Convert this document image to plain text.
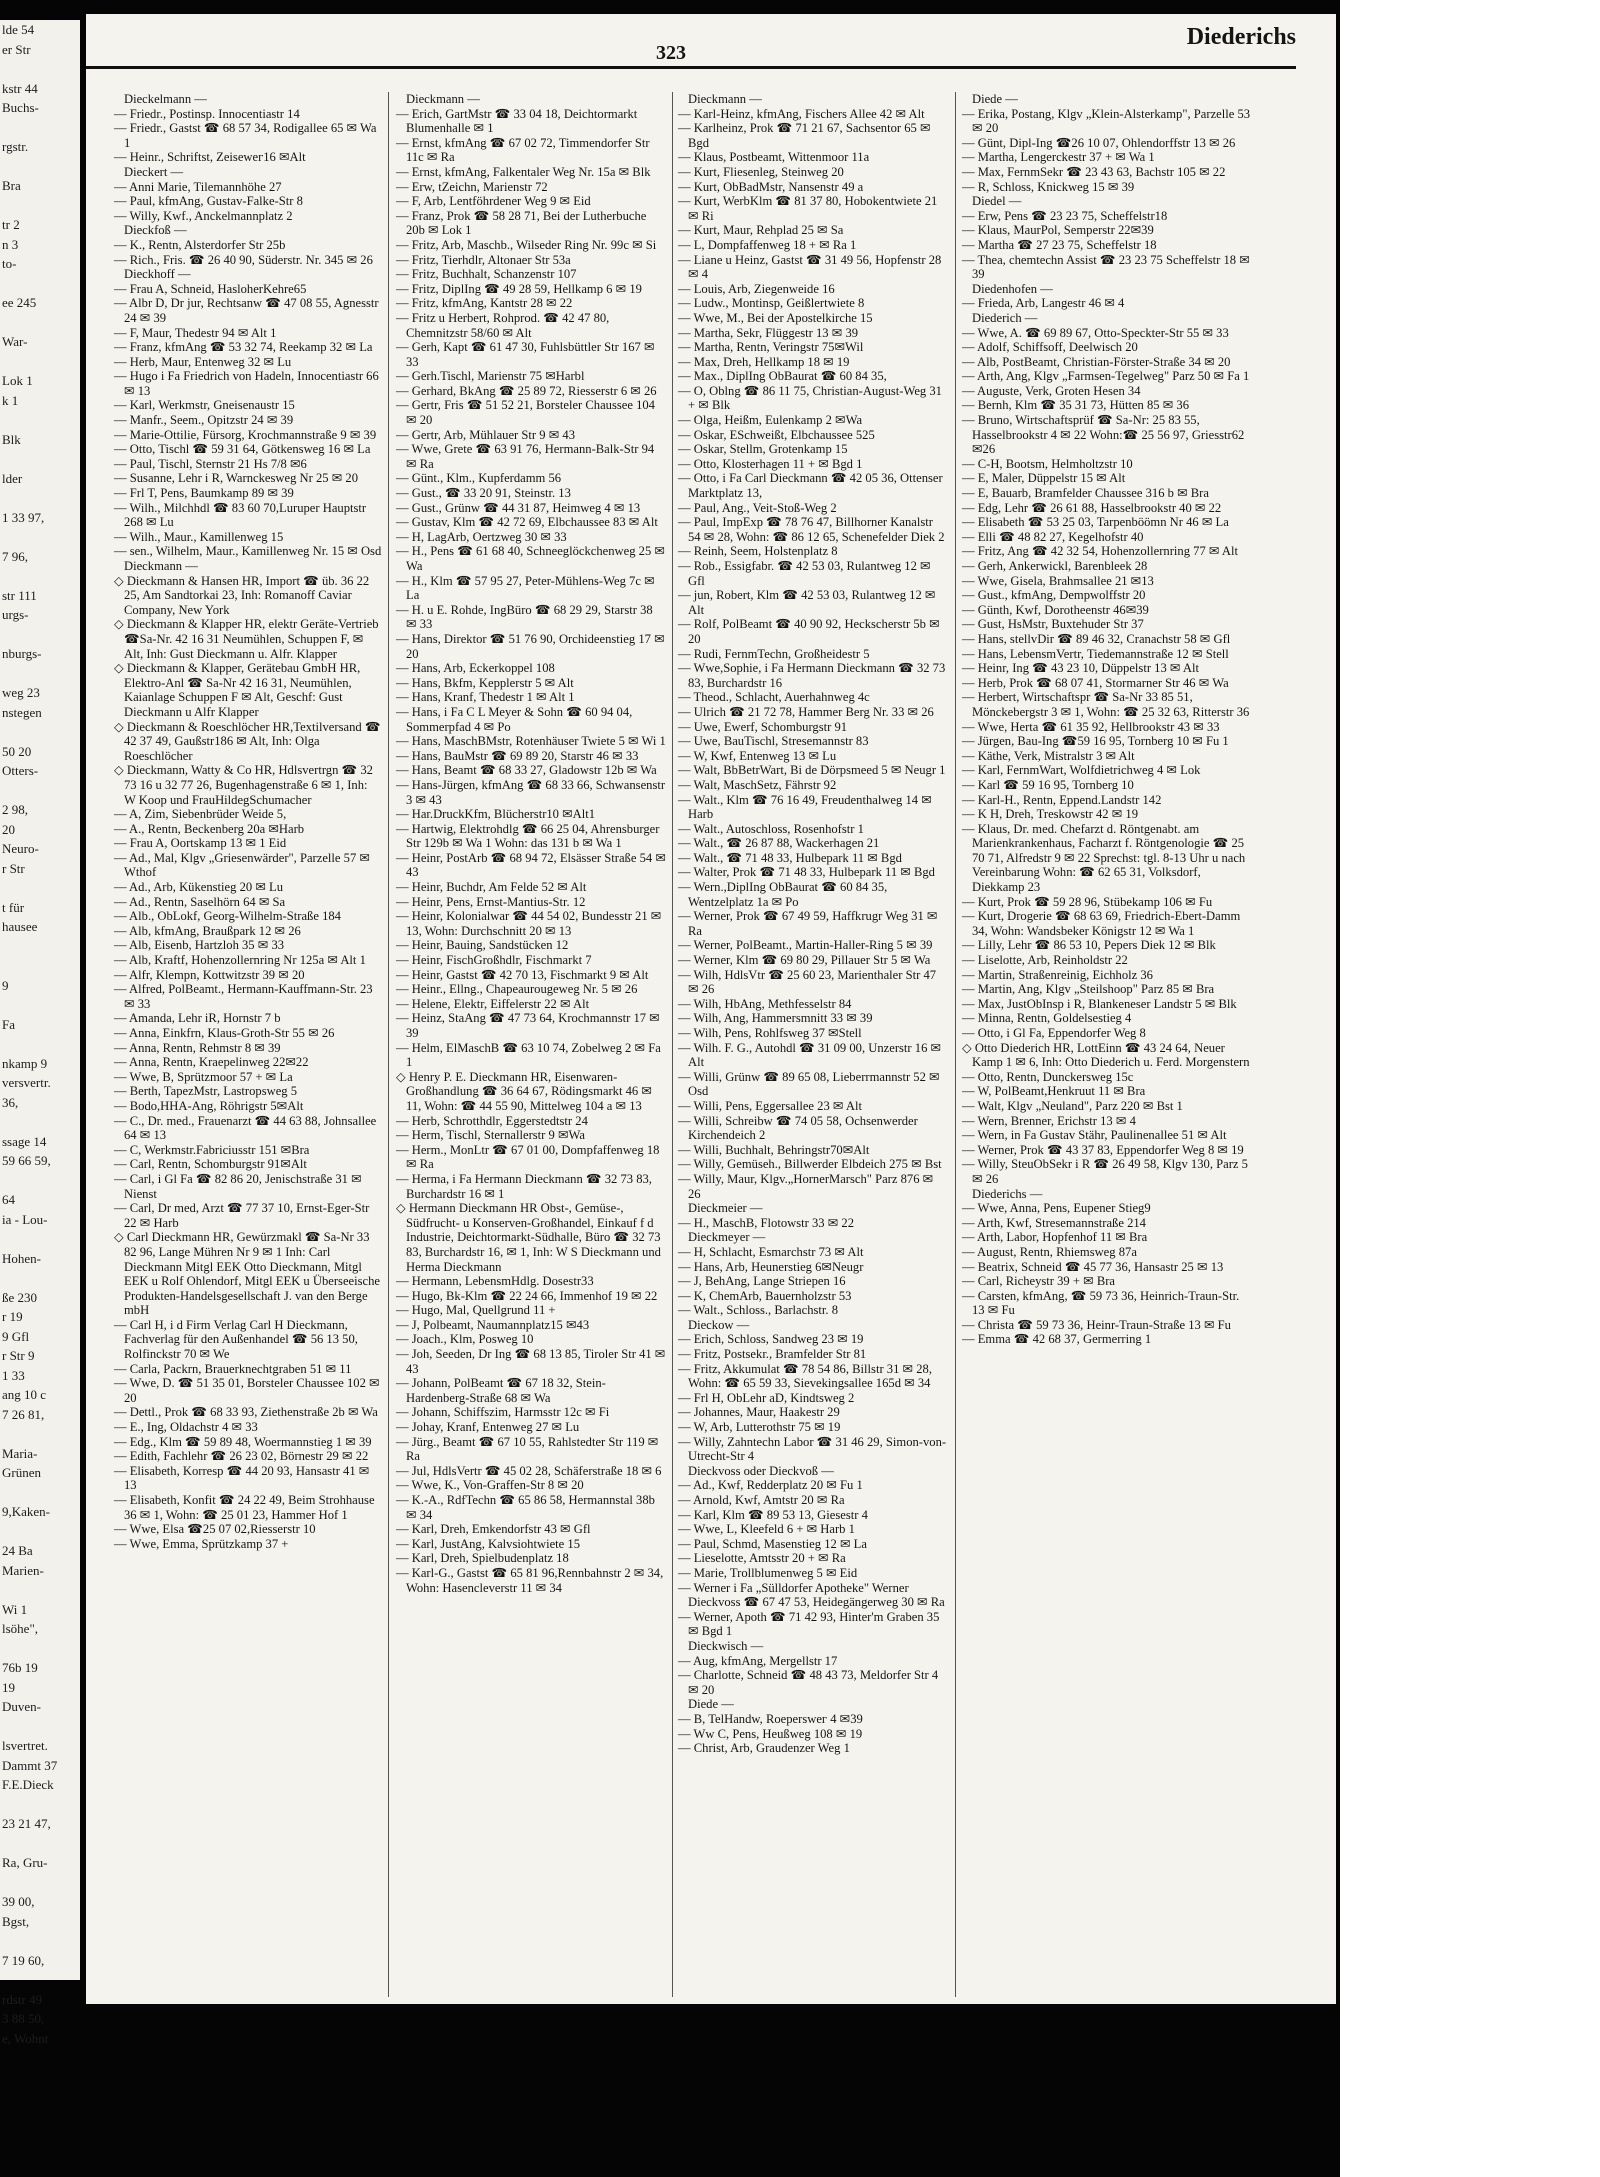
lde 54
er Str

kstr 44
Buchs-

rgstr.

Bra

tr 2
n 3
to-

ee 245

War-

Lok 1
k 1

Blk

lder

1 33 97,

7 96,

str 111
urgs-

nburgs-

weg 23
nstegen

50 20
Otters-

2 98,
20
Neuro-
r Str

t für
hausee

9

Fa

nkamp 9
versvertr.
36,

ssage 14
59 66 59,

64
ia - Lou-

Hohen-

ße 230
r 19
9 Gfl
r Str 9
1 33
ang 10 c
7 26 81,

Maria-
Grünen

9,Kaken-

24 Ba
Marien-

Wi 1
lsöhe",

76b 19
19
Duven-

lsvertret.
Dammt 37
F.E.Dieck

23 21 47,

Ra, Gru-

39 00,
Bgst,

7 19 60,

rdstr 49
3 88 50,
e, Wohnt
323
Diederichs
Dieckelmann —
— Friedr., Postinsp. Innocentiastr 14
— Friedr., Gastst ☎ 68 57 34, Rodigallee 65 ✉ Wa 1
— Heinr., Schriftst, Zeisewег16 ✉Alt
Dieckert —
— Anni Marie, Tilemannhöhe 27
— Paul, kfmAng, Gustav-Falke-Str 8
— Willy, Kwf., Anckelmannplatz 2
Dieckfoß —
— K., Rentn, Alsterdorfer Str 25b
— Rich., Fris. ☎ 26 40 90, Süderstr. Nr. 345 ✉ 26
Dieckhoff —
— Frau A, Schneid, HasloherKehre65
— Albr D, Dr jur, Rechtsanw ☎ 47 08 55, Agnesstr 24 ✉ 39
— F, Maur, Thedestr 94 ✉ Alt 1
— Franz, kfmAng ☎ 53 32 74, Reekamp 32 ✉ La
— Herb, Maur, Entenweg 32 ✉ Lu
— Hugo i Fa Friedrich von Hadeln, Innocentiastr 66 ✉ 13
— Karl, Werkmstr, Gneisenaustr 15
— Manfr., Seem., Opitzstr 24 ✉ 39
— Marie-Ottilie, Fürsorg, Krochmannstraße 9 ✉ 39
— Otto, Tischl ☎ 59 31 64, Götkensweg 16 ✉ La
— Paul, Tischl, Sternstr 21 Hs 7/8 ✉6
— Susanne, Lehr i R, Warnckesweg Nr 25 ✉ 20
— Frl T, Pens, Baumkamp 89 ✉ 39
— Wilh., Milchhdl ☎ 83 60 70,Luruper Hauptstr 268 ✉ Lu
— Wilh., Maur., Kamillenweg 15
— sen., Wilhelm, Maur., Kamillenweg Nr. 15 ✉ Osd
Dieckmann —
◇ Dieckmann & Hansen HR, Import ☎ üb. 36 22 25, Am Sandtorkai 23, Inh: Romanoff Caviar Company, New York
◇ Dieckmann & Klapper HR, elektr Geräte-Vertrieb ☎Sa-Nr. 42 16 31 Neumühlen, Schuppen F, ✉ Alt, Inh: Gust Dieckmann u. Alfr. Klapper
◇ Dieckmann & Klapper, Gerätebau GmbH HR, Elektro-Anl ☎ Sa-Nr 42 16 31, Neumühlen, Kaianlage Schuppen F ✉ Alt, Geschf: Gust Dieckmann u Alfr Klapper
◇ Dieckmann & Roeschlöcher HR,Textilversand ☎ 42 37 49, Gaußstr186 ✉ Alt, Inh: Olga Roeschlöcher
◇ Dieckmann, Watty & Co HR, Hdlsvertrgn ☎ 32 73 16 u 32 77 26, Bugenhagenstraße 6 ✉ 1, Inh: W Koop und FrauHildegSchumacher
— A, Zim, Siebenbrüder Weide 5,
— A., Rentn, Beckenberg 20a ✉Harb
— Frau A, Oortskamp 13 ✉ 1 Eid
— Ad., Mal, Klgv „Griesenwärder", Parzelle 57 ✉ Wthof
— Ad., Arb, Kükenstieg 20 ✉ Lu
— Ad., Rentn, Saselhörn 64 ✉ Sa
— Alb., ObLokf, Georg-Wilhelm-Straße 184
— Alb, kfmAng, Braußpark 12 ✉ 26
— Alb, Eisenb, Hartzloh 35 ✉ 33
— Alb, Kraftf, Hohenzollernring Nr 125a ✉ Alt 1
— Alfr, Klempn, Kottwitzstr 39 ✉ 20
— Alfred, PolBeamt., Hermann-Kauffmann-Str. 23 ✉ 33
— Amanda, Lehr iR, Hornstr 7 b
— Anna, Einkfrn, Klaus-Groth-Str 55 ✉ 26
— Anna, Rentn, Rehmstr 8 ✉ 39
— Anna, Rentn, Kraepelinweg 22✉22
— Wwe, B, Sprützmoor 57 + ✉ La
— Berth, TapezMstr, Lastropsweg 5
— Bodo,HHA-Ang, Röhrigstr 5✉Alt
— C., Dr. med., Frauenarzt ☎ 44 63 88, Johnsallee 64 ✉ 13
— C, Werkmstr.Fabriciusstr 151 ✉Bra
— Carl, Rentn, Schomburgstr 91✉Alt
— Carl, i Gl Fa ☎ 82 86 20, Jenischstraße 31 ✉ Nienst
— Carl, Dr med, Arzt ☎ 77 37 10, Ernst-Eger-Str 22 ✉ Harb
◇ Carl Dieckmann HR, Gewürzmakl ☎ Sa-Nr 33 82 96, Lange Mühren Nr 9 ✉ 1 Inh: Carl Dieckmann Mitgl EEK Otto Dieckmann, Mitgl EEK u Rolf Ohlendorf, Mitgl EEK u Überseeische Produkten-Handelsgesellschaft J. van den Berge mbH
— Carl H, i d Firm Verlag Carl H Dieckmann, Fachverlag für den Außenhandel ☎ 56 13 50, Rolfinckstr 70 ✉ We
— Carla, Packrn, Brauerknechtgraben 51 ✉ 11
— Wwe, D. ☎ 51 35 01, Borsteler Chaussee 102 ✉ 20
— Dettl., Prok ☎ 68 33 93, Ziethenstraße 2b ✉ Wa
— E., Ing, Oldachstr 4 ✉ 33
— Edg., Klm ☎ 59 89 48, Woermannstieg 1 ✉ 39
— Edith, Fachlehr ☎ 26 23 02, Börnestr 29 ✉ 22
— Elisabeth, Korresp ☎ 44 20 93, Hansastr 41 ✉ 13
— Elisabeth, Konfit ☎ 24 22 49, Beim Strohhause 36 ✉ 1, Wohn: ☎ 25 01 23, Hammer Hof 1
— Wwe, Elsa ☎25 07 02,Riesserstr 10
— Wwe, Emma, Sprützkamp 37 +
Dieckmann —
— Erich, GartMstr ☎ 33 04 18, Deichtormarkt Blumenhalle ✉ 1
— Ernst, kfmAng ☎ 67 02 72, Timmendorfer Str 11c ✉ Ra
— Ernst, kfmAng, Falkentaler Weg Nr. 15a ✉ Blk
— Erw, tZeichn, Marienstr 72
— F, Arb, Lentföhrdener Weg 9 ✉ Eid
— Franz, Prok ☎ 58 28 71, Bei der Lutherbuche 20b ✉ Lok 1
— Fritz, Arb, Maschb., Wilseder Ring Nr. 99c ✉ Si
— Fritz, Tierhdlr, Altonaer Str 53a
— Fritz, Buchhalt, Schanzenstr 107
— Fritz, DiplIng ☎ 49 28 59, Hellkamp 6 ✉ 19
— Fritz, kfmAng, Kantstr 28 ✉ 22
— Fritz u Herbert, Rohprod. ☎ 42 47 80, Chemnitzstr 58/60 ✉ Alt
— Gerh, Kapt ☎ 61 47 30, Fuhlsbüttler Str 167 ✉ 33
— Gerh.Tischl, Marienstr 75 ✉Harbl
— Gerhard, BkAng ☎ 25 89 72, Riesserstr 6 ✉ 26
— Gertr, Fris ☎ 51 52 21, Borsteler Chaussee 104 ✉ 20
— Gertr, Arb, Mühlauer Str 9 ✉ 43
— Wwe, Grete ☎ 63 91 76, Hermann-Balk-Str 94 ✉ Ra
— Günt., Klm., Kupferdamm 56
— Gust., ☎ 33 20 91, Steinstr. 13
— Gust., Grünw ☎ 44 31 87, Heimweg 4 ✉ 13
— Gustav, Klm ☎ 42 72 69, Elbchaussee 83 ✉ Alt
— H, LagArb, Oertzweg 30 ✉ 33
— H., Pens ☎ 61 68 40, Schneeglöckchenweg 25 ✉ Wa
— H., Klm ☎ 57 95 27, Peter-Mühlens-Weg 7c ✉ La
— H. u E. Rohde, IngBüro ☎ 68 29 29, Starstr 38 ✉ 33
— Hans, Direktor ☎ 51 76 90, Orchideenstieg 17 ✉ 20
— Hans, Arb, Eckerkoppel 108
— Hans, Bkfm, Kepplerstr 5 ✉ Alt
— Hans, Kranf, Thedestr 1 ✉ Alt 1
— Hans, i Fa C L Meyer & Sohn ☎ 60 94 04, Sommerpfad 4 ✉ Po
— Hans, MaschBMstr, Rotenhäuser Twiete 5 ✉ Wi 1
— Hans, BauMstr ☎ 69 89 20, Starstr 46 ✉ 33
— Hans, Beamt ☎ 68 33 27, Gladowstr 12b ✉ Wa
— Hans-Jürgen, kfmAng ☎ 68 33 66, Schwansenstr 3 ✉ 43
— Har.DruckKfm, Blücherstr10 ✉Alt1
— Hartwig, Elektrohdlg ☎ 66 25 04, Ahrensburger Str 129b ✉ Wa 1 Wohn: das 131 b ✉ Wa 1
— Heinr, PostArb ☎ 68 94 72, Elsässer Straße 54 ✉ 43
— Heinr, Buchdr, Am Felde 52 ✉ Alt
— Heinr, Pens, Ernst-Mantius-Str. 12
— Heinr, Kolonialwar ☎ 44 54 02, Bundesstr 21 ✉ 13, Wohn: Durchschnitt 20 ✉ 13
— Heinr, Bauing, Sandstücken 12
— Heinr, FischGroßhdlr, Fischmarkt 7
— Heinr, Gastst ☎ 42 70 13, Fischmarkt 9 ✉ Alt
— Heinr., Ellng., Chapeaurougeweg Nr. 5 ✉ 26
— Helene, Elektr, Eiffelerstr 22 ✉ Alt
— Heinz, StaAng ☎ 47 73 64, Krochmannstr 17 ✉ 39
— Helm, ElMaschB ☎ 63 10 74, Zobelweg 2 ✉ Fa 1
◇ Henry P. E. Dieckmann HR, Eisenwaren-Großhandlung ☎ 36 64 67, Rödingsmarkt 46 ✉ 11, Wohn: ☎ 44 55 90, Mittelweg 104 a ✉ 13
— Herb, Schrotthdlr, Eggerstedtstr 24
— Herm, Tischl, Sternallerstr 9 ✉Wa
— Herm., MonLtr ☎ 67 01 00, Dompfaffenweg 18 ✉ Ra
— Herma, i Fa Hermann Dieckmann ☎ 32 73 83, Burchardstr 16 ✉ 1
◇ Hermann Dieckmann HR Obst-, Gemüse-, Südfrucht- u Konserven-Großhandel, Einkauf f d Industrie, Deichtormarkt-Südhalle, Büro ☎ 32 73 83, Burchardstr 16, ✉ 1, Inh: W S Dieckmann und Herma Dieckmann
— Hermann, LebensmHdlg. Dosestr33
— Hugo, Bk-Klm ☎ 22 24 66, Immenhof 19 ✉ 22
— Hugo, Mal, Quellgrund 11 +
— J, Polbeamt, Naumannplatz15 ✉43
— Joach., Klm, Posweg 10
— Joh, Seeden, Dr Ing ☎ 68 13 85, Tiroler Str 41 ✉ 43
— Johann, PolBeamt ☎ 67 18 32, Stein-Hardenberg-Straße 68 ✉ Wa
— Johann, Schiffszim, Harmsstr 12c ✉ Fi
— Johay, Kranf, Entenweg 27 ✉ Lu
— Jürg., Beamt ☎ 67 10 55, Rahlstedter Str 119 ✉ Ra
— Jul, HdlsVertr ☎ 45 02 28, Schäferstraße 18 ✉ 6
— Wwe, K., Von-Graffen-Str 8 ✉ 20
— K.-A., RdfTechn ☎ 65 86 58, Hermannstal 38b ✉ 34
— Karl, Dreh, Emkendorfstr 43 ✉ Gfl
— Karl, JustAng, Kalvsiohtwiete 15
— Karl, Dreh, Spielbudenplatz 18
— Karl-G., Gastst ☎ 65 81 96,Rennbahnstr 2 ✉ 34, Wohn: Hasencleverstr 11 ✉ 34
Dieckmann —
— Karl-Heinz, kfmAng, Fischers Allee 42 ✉ Alt
— Karlheinz, Prok ☎ 71 21 67, Sachsentor 65 ✉ Bgd
— Klaus, Postbeamt, Wittenmoor 11a
— Kurt, Fliesenleg, Steinweg 20
— Kurt, ObBadMstr, Nansenstr 49 a
— Kurt, WerbKlm ☎ 81 37 80, Hobokentwiete 21 ✉ Ri
— Kurt, Maur, Rehplad 25 ✉ Sa
— L, Dompfaffenweg 18 + ✉ Ra 1
— Liane u Heinz, Gastst ☎ 31 49 56, Hopfenstr 28 ✉ 4
— Louis, Arb, Ziegenweide 16
— Ludw., Montinsp, Geißlertwiete 8
— Wwe, M., Bei der Apostelkirche 15
— Martha, Sekr, Flüggestr 13 ✉ 39
— Martha, Rentn, Veringstr 75✉Wil
— Max, Dreh, Hellkamp 18 ✉ 19
— Max., DiplIng ObBaurat ☎ 60 84 35,
— O, Oblng ☎ 86 11 75, Christian-August-Weg 31 + ✉ Blk
— Olga, Heißm, Eulenkamp 2 ✉Wa
— Oskar, ESchweißt, Elbchaussee 525
— Oskar, Stellm, Grotenkamp 15
— Otto, Klosterhagen 11 + ✉ Bgd 1
— Otto, i Fa Carl Dieckmann ☎ 42 05 36, Ottenser Marktplatz 13,
— Paul, Ang., Veit-Stoß-Weg 2
— Paul, ImpExp ☎ 78 76 47, Billhorner Kanalstr 54 ✉ 28, Wohn: ☎ 86 12 65, Schenefelder Diek 2
— Reinh, Seem, Holstenplatz 8
— Rob., Essigfabr. ☎ 42 53 03, Rulantweg 12 ✉ Gfl
— jun, Robert, Klm ☎ 42 53 03, Rulantweg 12 ✉ Alt
— Rolf, PolBeamt ☎ 40 90 92, Heckscherstr 5b ✉ 20
— Rudi, FernmTechn, Großheidestr 5
— Wwe,Sophie, i Fa Hermann Dieckmann ☎ 32 73 83, Burchardstr 16
— Theod., Schlacht, Auerhahnweg 4c
— Ulrich ☎ 21 72 78, Hammer Berg Nr. 33 ✉ 26
— Uwe, Ewerf, Schomburgstr 91
— Uwe, BauTischl, Stresemannstr 83
— W, Kwf, Entenweg 13 ✉ Lu
— Walt, BbBetrWart, Bi de Dörpsmeed 5 ✉ Neugr 1
— Walt, MaschSetz, Fährstr 92
— Walt., Klm ☎ 76 16 49, Freudenthalweg 14 ✉ Harb
— Walt., Autoschloss, Rosenhofstr 1
— Walt., ☎ 26 87 88, Wackerhagen 21
— Walt., ☎ 71 48 33, Hulbepark 11 ✉ Bgd
— Walter, Prok ☎ 71 48 33, Hulbepark 11 ✉ Bgd
— Wern.,DiplIng ObBaurat ☎ 60 84 35, Wentzelplatz 1a ✉ Po
— Werner, Prok ☎ 67 49 59, Haffkrugr Weg 31 ✉ Ra
— Werner, PolBeamt., Martin-Haller-Ring 5 ✉ 39
— Werner, Klm ☎ 69 80 29, Pillauer Str 5 ✉ Wa
— Wilh, HdlsVtr ☎ 25 60 23, Marienthaler Str 47 ✉ 26
— Wilh, HbAng, Methfesselstr 84
— Wilh, Ang, Hammersmnitt 33 ✉ 39
— Wilh, Pens, Rohlfsweg 37 ✉Stell
— Wilh. F. G., Autohdl ☎ 31 09 00, Unzerstr 16 ✉ Alt
— Willi, Grünw ☎ 89 65 08, Lieberrmannstr 52 ✉ Osd
— Willi, Pens, Eggersallee 23 ✉ Alt
— Willi, Schreibw ☎ 74 05 58, Ochsenwerder Kirchendeich 2
— Willi, Buchhalt, Behringstr70✉Alt
— Willy, Gemüseh., Billwerder Elbdeich 275 ✉ Bst
— Willy, Maur, Klgv.„HornerMarsch" Parz 876 ✉ 26
Dieckmeier —
— H., MaschB, Flotowstr 33 ✉ 22
Dieckmeyer —
— H, Schlacht, Esmarchstr 73 ✉ Alt
— Hans, Arb, Heunerstieg 6✉Neugr
— J, BehAng, Lange Striepen 16
— K, ChemArb, Bauernholzstr 53
— Walt., Schloss., Barlachstr. 8
Dieckow —
— Erich, Schloss, Sandweg 23 ✉ 19
— Fritz, Postsekr., Bramfelder Str 81
— Fritz, Akkumulat ☎ 78 54 86, Billstr 31 ✉ 28, Wohn: ☎ 65 59 33, Sievekingsallee 165d ✉ 34
— Frl H, ObLehr aD, Kindtsweg 2
— Johannes, Maur, Haakestr 29
— W, Arb, Lutterothstr 75 ✉ 19
— Willy, Zahntechn Labor ☎ 31 46 29, Simon-von-Utrecht-Str 4
Dieckvoss oder Dieckvoß —
— Ad., Kwf, Redderplatz 20 ✉ Fu 1
— Arnold, Kwf, Amtstr 20 ✉ Ra
— Karl, Klm ☎ 89 53 13, Giesestr 4
— Wwe, L, Kleefeld 6 + ✉ Harb 1
— Paul, Schmd, Masenstieg 12 ✉ La
— Lieselotte, Amtsstr 20 + ✉ Ra
— Marie, Trollblumenweg 5 ✉ Eid
— Werner i Fa „Sülldorfer Apotheke" Werner Dieckvoss ☎ 67 47 53, Heidegängerweg 30 ✉ Ra
— Werner, Apoth ☎ 71 42 93, Hinter'm Graben 35 ✉ Bgd 1
Dieckwisch —
— Aug, kfmAng, Mergellstr 17
— Charlotte, Schneid ☎ 48 43 73, Meldorfer Str 4 ✉ 20
Diede —
— B, TelHandw, Roeperswег 4 ✉39
— Ww C, Pens, Heußweg 108 ✉ 19
— Christ, Arb, Graudenzer Weg 1
Diede —
— Erika, Postang, Klgv „Klein-Alsterkamp", Parzelle 53 ✉ 20
— Günt, Dipl-Ing ☎26 10 07, Ohlendorffstr 13 ✉ 26
— Martha, Lengerckestr 37 + ✉ Wa 1
— Max, FernmSekr ☎ 23 43 63, Bachstr 105 ✉ 22
— R, Schloss, Knickweg 15 ✉ 39
Diedel —
— Erw, Pens ☎ 23 23 75, Scheffelstr18
— Klaus, MaurPol, Semperstr 22✉39
— Martha ☎ 27 23 75, Scheffelstr 18
— Thea, chemtechn Assist ☎ 23 23 75 Scheffelstr 18 ✉ 39
Diedenhofen —
— Frieda, Arb, Langestr 46 ✉ 4
Diederich —
— Wwe, A. ☎ 69 89 67, Otto-Speckter-Str 55 ✉ 33
— Adolf, Schiffsoff, Deelwisch 20
— Alb, PostBeamt, Christian-Förster-Straße 34 ✉ 20
— Arth, Ang, Klgv „Farmsen-Tegelweg" Parz 50 ✉ Fa 1
— Auguste, Verk, Groten Hesen 34
— Bernh, Klm ☎ 35 31 73, Hütten 85 ✉ 36
— Bruno, Wirtschaftsprüf ☎ Sa-Nr: 25 83 55, Hasselbrookstr 4 ✉ 22 Wohn:☎ 25 56 97, Griesstr62✉26
— C-H, Bootsm, Helmholtzstr 10
— E, Maler, Düppelstr 15 ✉ Alt
— E, Bauarb, Bramfelder Chaussee 316 b ✉ Bra
— Edg, Lehr ☎ 26 61 88, Hasselbrookstr 40 ✉ 22
— Elisabeth ☎ 53 25 03, Tarpenböömn Nr 46 ✉ La
— Elli ☎ 48 82 27, Kegelhofstr 40
— Fritz, Ang ☎ 42 32 54, Hohenzollernring 77 ✉ Alt
— Gerh, Ankerwickl, Barenbleek 28
— Wwe, Gisela, Brahmsallee 21 ✉13
— Gust., kfmAng, Dempwolffstr 20
— Günth, Kwf, Dorotheenstr 46✉39
— Gust, HsMstr, Buxtehuder Str 37
— Hans, stellvDir ☎ 89 46 32, Cranachstr 58 ✉ Gfl
— Hans, LebensmVertr, Tiedemannstraße 12 ✉ Stell
— Heinr, Ing ☎ 43 23 10, Düppelstr 13 ✉ Alt
— Herb, Prok ☎ 68 07 41, Stormarner Str 46 ✉ Wa
— Herbert, Wirtschaftspr ☎ Sa-Nr 33 85 51, Mönckebergstr 3 ✉ 1, Wohn: ☎ 25 32 63, Ritterstr 36
— Wwe, Herta ☎ 61 35 92, Hellbrookstr 43 ✉ 33
— Jürgen, Bau-Ing ☎59 16 95, Tornberg 10 ✉ Fu 1
— Käthe, Verk, Mistralstr 3 ✉ Alt
— Karl, FernmWart, Wolfdietrichweg 4 ✉ Lok
— Karl ☎ 59 16 95, Tornberg 10
— Karl-H., Rentn, Eppend.Landstr 142
— K H, Dreh, Treskowstr 42 ✉ 19
— Klaus, Dr. med. Chefarzt d. Röntgenabt. am Marienkrankenhaus, Facharzt f. Röntgenologie ☎ 25 70 71, Alfredstr 9 ✉ 22 Sprechst: tgl. 8-13 Uhr u nach Vereinbarung Wohn: ☎ 62 65 31, Volksdorf, Diekkamp 23
— Kurt, Prok ☎ 59 28 96, Stübekamp 106 ✉ Fu
— Kurt, Drogerie ☎ 68 63 69, Friedrich-Ebert-Damm 34, Wohn: Wandsbeker Königstr 12 ✉ Wa 1
— Lilly, Lehr ☎ 86 53 10, Pepers Diek 12 ✉ Blk
— Liselotte, Arb, Reinholdstr 22
— Martin, Straßenreinig, Eichholz 36
— Martin, Ang, Klgv „Steilshoop" Parz 85 ✉ Bra
— Max, JustObInsp i R, Blankeneser Landstr 5 ✉ Blk
— Minna, Rentn, Goldelsestieg 4
— Otto, i Gl Fa, Eppendorfer Weg 8
◇ Otto Diederich HR, LottEinn ☎ 43 24 64, Neuer Kamp 1 ✉ 6, Inh: Otto Diederich u. Ferd. Morgenstern
— Otto, Rentn, Dunckersweg 15c
— W, PolBeamt,Henkruut 11 ✉ Bra
— Walt, Klgv „Neuland", Parz 220 ✉ Bst 1
— Wern, Brenner, Erichstr 13 ✉ 4
— Wern, in Fa Gustav Stähr, Paulinenallee 51 ✉ Alt
— Werner, Prok ☎ 43 37 83, Eppendorfer Weg 8 ✉ 19
— Willy, SteuObSekr i R ☎ 26 49 58, Klgv 130, Parz 5 ✉ 26
Diederichs —
— Wwe, Anna, Pens, Eupener Stieg9
— Arth, Kwf, Stresemannstraße 214
— Arth, Labor, Hopfenhof 11 ✉ Bra
— August, Rentn, Rhiemsweg 87a
— Beatrix, Schneid ☎ 45 77 36, Hansastr 25 ✉ 13
— Carl, Richeystr 39 + ✉ Bra
— Carsten, kfmAng, ☎ 59 73 36, Heinrich-Traun-Str. 13 ✉ Fu
— Christa ☎ 59 73 36, Heinr-Traun-Straße 13 ✉ Fu
— Emma ☎ 42 68 37, Germerring 1
